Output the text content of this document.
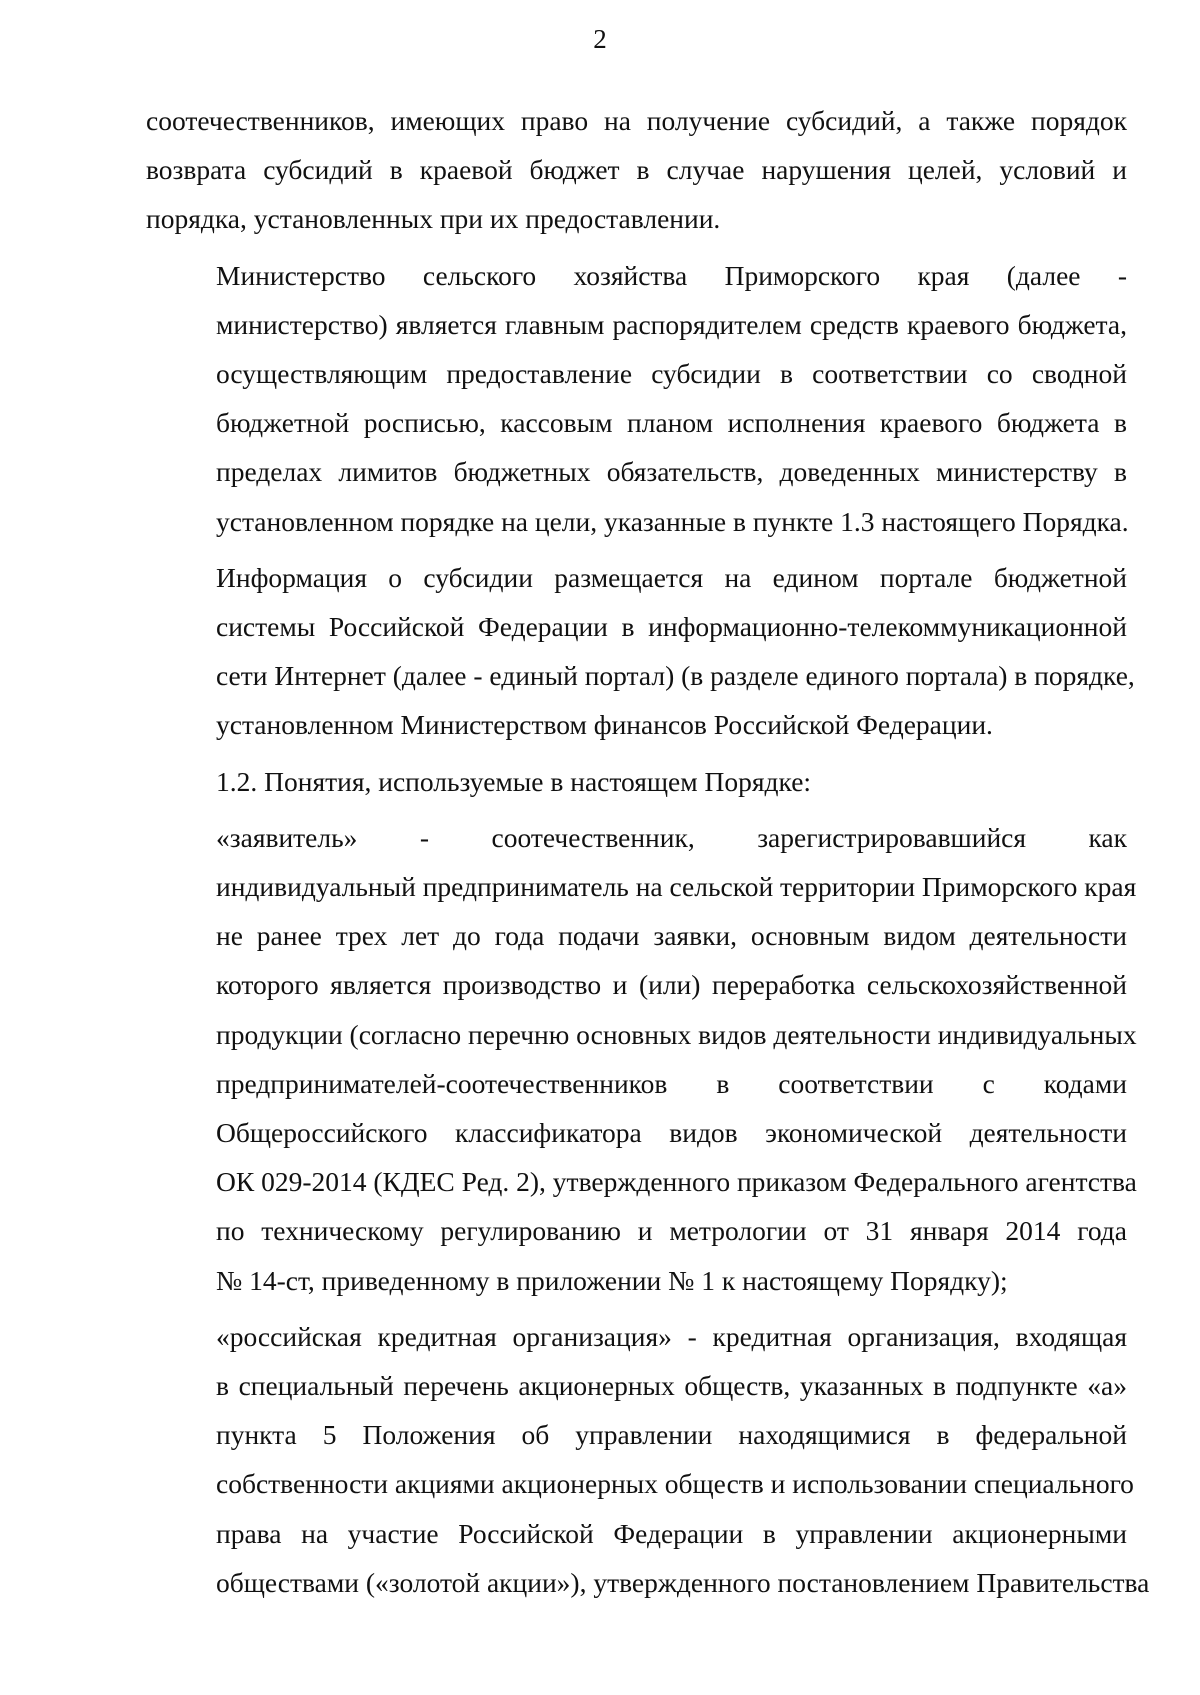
2

соотечественников, имеющих право на получение субсидий, а также порядок
возврата субсидий в краевой бюджет в случае нарушения целей, условий и
порядка, установленных при их предоставлении.

Министерство сельского хозяйства Приморского края (далее -
министерство) является главным распорядителем средств краевого бюджета,
осуществляющим предоставление субсидии в соответствии со сводной
бюджетной росписью, кассовым планом исполнения краевого бюджета в
пределах лимитов бюджетных обязательств, доведенных министерству в
установленном порядке на цели, указанные в пункте 1.3 настоящего Порядка.

Информация о субсидии размещается на едином портале бюджетной
системы Российской Федерации в информационно-телекоммуникационной
сети Интернет (далее - единый портал) (в разделе единого портала) в порядке,
установленном Министерством финансов Российской Федерации.

1.2. Понятия, используемые в настоящем Порядке:

«заявитель» - соотечественник, зарегистрировавшийся как
индивидуальный предприниматель на сельской территории Приморского края
не ранее трех лет до года подачи заявки, основным видом деятельности
которого является производство и (или) переработка сельскохозяйственной
продукции (согласно перечню основных видов деятельности индивидуальных
предпринимателей-соотечественников в соответствии с кодами
Общероссийского классификатора видов экономической деятельности
ОК 029-2014 (КДЕС Ред. 2), утвержденного приказом Федерального агентства
по техническому регулированию и метрологии от 31 января 2014 года
№ 14-ст, приведенному в приложении № 1 к настоящему Порядку);

«российская кредитная организация» - кредитная организация, входящая
в специальный перечень акционерных обществ, указанных в подпункте «а»
пункта 5 Положения об управлении находящимися в федеральной
собственности акциями акционерных обществ и использовании специального
права на участие Российской Федерации в управлении акционерными
обществами («золотой акции»), утвержденного постановлением Правительства
